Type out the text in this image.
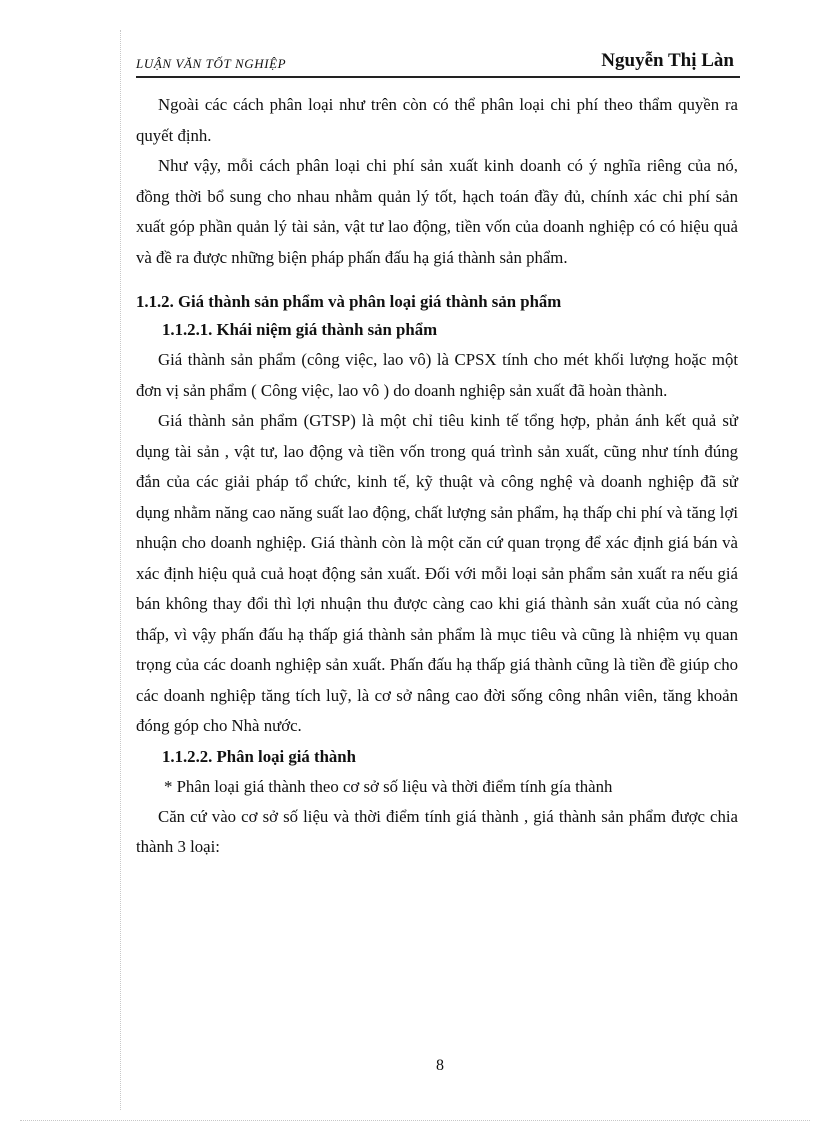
LUẬN VĂN TỐT NGHIỆP	Nguyễn Thị Làn

Ngoài các cách phân loại như trên còn có thể phân loại chi phí theo thẩm quyền ra quyết định.

Như vậy, mỗi cách phân loại chi phí sản xuất kinh doanh có ý nghĩa riêng của nó, đồng thời bổ sung cho nhau nhằm quản lý tốt, hạch toán đầy đủ, chính xác chi phí sản xuất góp phần quản lý tài sản, vật tư lao động, tiền vốn của doanh nghiệp có có hiệu quả và đề ra được những biện pháp phấn đấu hạ giá thành sản phẩm.

1.1.2. Giá thành sản phẩm và phân loại giá thành sản phẩm
1.1.2.1. Khái niệm giá thành sản phẩm

Giá thành sản phẩm (công việc, lao vô) là CPSX tính cho mét khối lượng hoặc một đơn vị sản phẩm ( Công việc, lao vô ) do doanh nghiệp sản xuất đã hoàn thành.

Giá thành sản phẩm (GTSP) là một chỉ tiêu kinh tế tổng hợp, phản ánh kết quả sử dụng tài sản , vật tư, lao động và tiền vốn trong quá trình sản xuất, cũng như tính đúng đắn của các giải pháp tổ chức, kinh tế, kỹ thuật và công nghệ và doanh nghiệp đã sử dụng nhằm năng cao năng suất lao động, chất lượng sản phẩm, hạ thấp chi phí và tăng lợi nhuận cho doanh nghiệp. Giá thành còn là một căn cứ quan trọng để xác định giá bán và xác định hiệu quả cuả hoạt động sản xuất. Đối với mỗi loại sản phẩm sản xuất ra nếu giá bán không thay đổi thì lợi nhuận thu được càng cao khi giá thành sản xuất của nó càng thấp, vì vậy phấn đấu hạ thấp giá thành sản phẩm là mục tiêu và cũng là nhiệm vụ quan trọng của các doanh nghiệp sản xuất. Phấn đấu hạ thấp giá thành cũng là tiền đề giúp cho các doanh nghiệp tăng tích luỹ, là cơ sở nâng cao đời sống công nhân viên, tăng khoản đóng góp cho Nhà nước.

1.1.2.2. Phân loại giá thành
* Phân loại giá thành theo cơ sở số liệu và thời điểm tính gía thành

Căn cứ vào cơ sở số liệu và thời điểm tính giá thành , giá thành sản phẩm được chia thành 3 loại:

8
